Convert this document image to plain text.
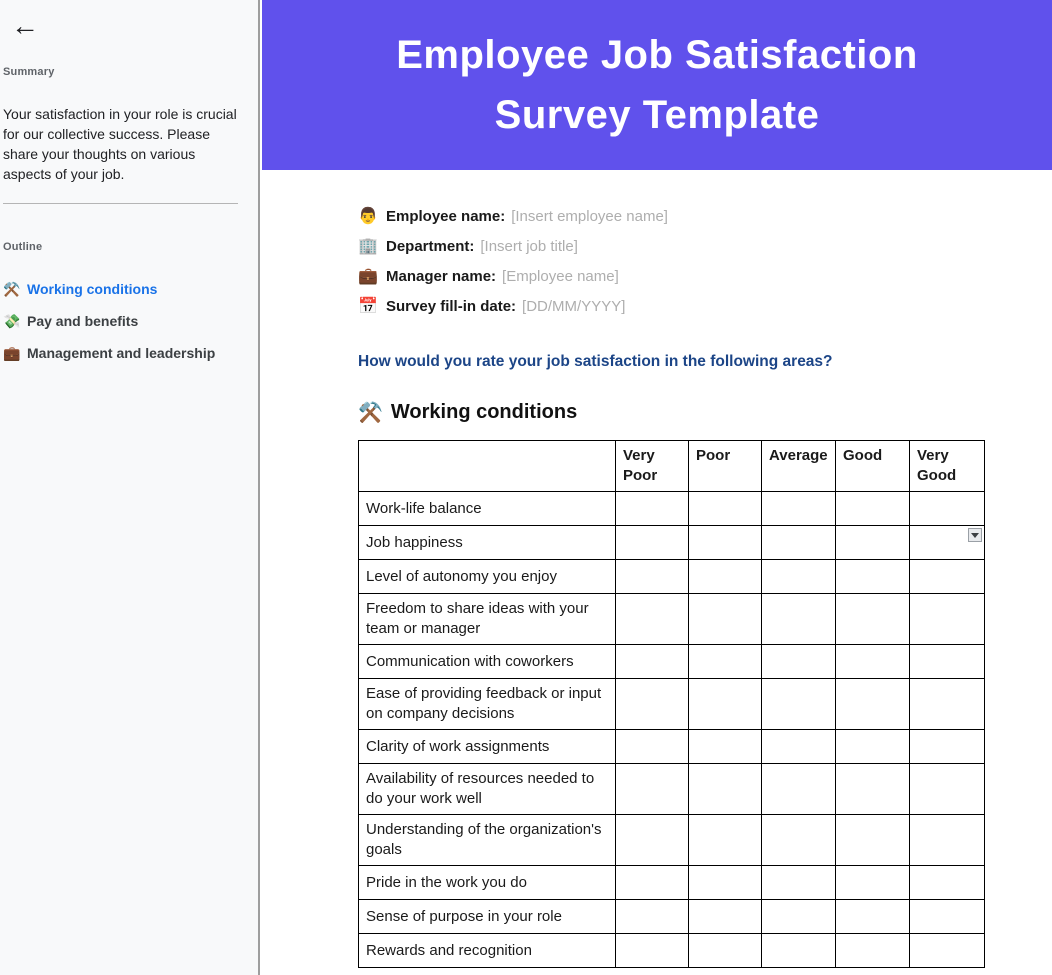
←
Summary
Your satisfaction in your role is crucial for our collective success. Please share your thoughts on various aspects of your job.
Outline
⚒️ Working conditions
💸 Pay and benefits
💼 Management and leadership
Employee Job Satisfaction
Survey Template
👨 Employee name: [Insert employee name]
🏢 Department: [Insert job title]
💼 Manager name: [Employee name]
📅 Survey fill-in date: [DD/MM/YYYY]
How would you rate your job satisfaction in the following areas?
⚒️ Working conditions
	Very Poor	Poor	Average	Good	Very Good
Work-life balance					
Job happiness					

Level of autonomy you enjoy					
Freedom to share ideas with your team or manager					
Communication with coworkers					
Ease of providing feedback or input on company decisions					
Clarity of work assignments					
Availability of resources needed to do your work well					
Understanding of the organization's goals					
Pride in the work you do					
Sense of purpose in your role					
Rewards and recognition					
